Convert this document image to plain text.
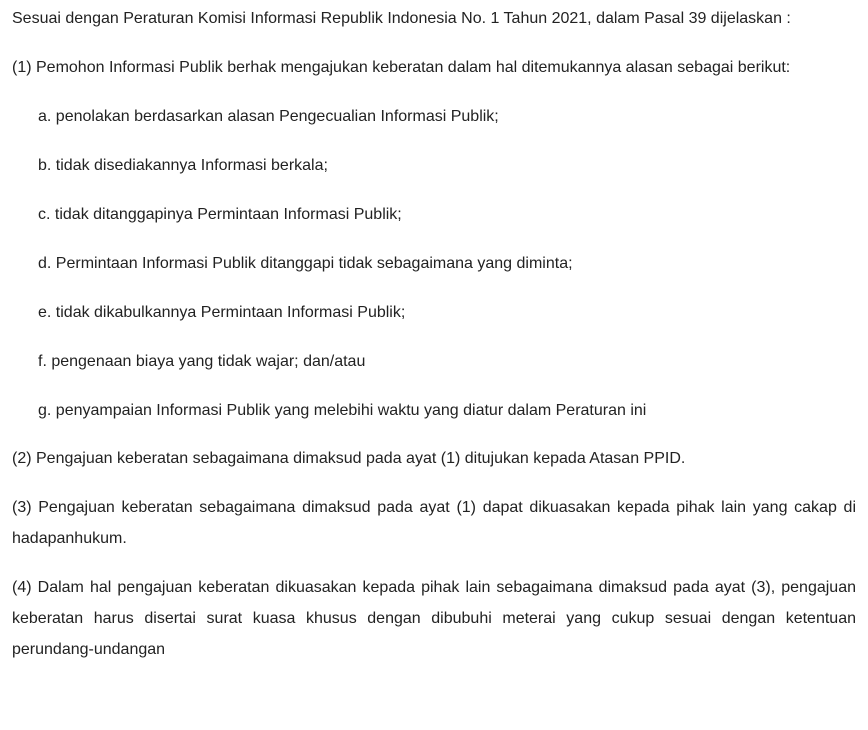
Sesuai dengan Peraturan Komisi Informasi Republik Indonesia No. 1 Tahun 2021, dalam Pasal 39 dijelaskan :

(1) Pemohon Informasi Publik berhak mengajukan keberatan dalam hal ditemukannya alasan sebagai berikut:

a. penolakan berdasarkan alasan Pengecualian Informasi Publik;

b. tidak disediakannya Informasi berkala;

c. tidak ditanggapinya Permintaan Informasi Publik;

d. Permintaan Informasi Publik ditanggapi tidak sebagaimana yang diminta;

e. tidak dikabulkannya Permintaan Informasi Publik;

f. pengenaan biaya yang tidak wajar; dan/atau

g. penyampaian Informasi Publik yang melebihi waktu yang diatur dalam Peraturan ini

(2) Pengajuan keberatan sebagaimana dimaksud pada ayat (1) ditujukan kepada Atasan PPID.

(3) Pengajuan keberatan sebagaimana dimaksud pada ayat (1) dapat dikuasakan kepada pihak lain yang cakap di hadapanhukum.

(4) Dalam hal pengajuan keberatan dikuasakan kepada pihak lain sebagaimana dimaksud pada ayat (3), pengajuan keberatan harus disertai surat kuasa khusus dengan dibubuhi meterai yang cukup sesuai dengan ketentuan perundang-undangan
